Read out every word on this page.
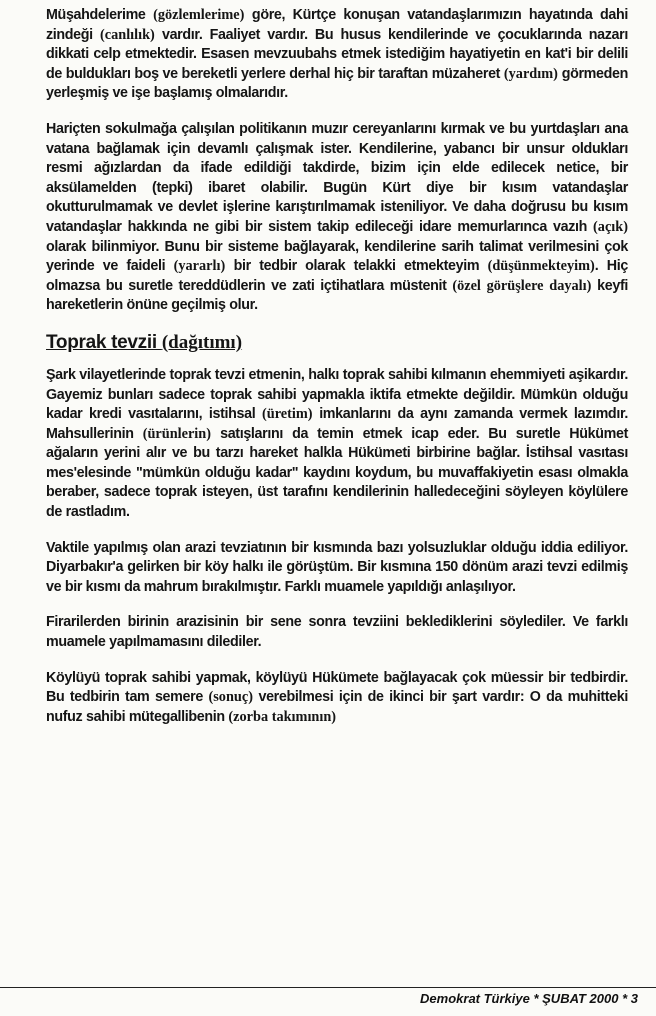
Müşahdelerime (gözlemlerime) göre, Kürtçe konuşan vatandaşlarımızın hayatında dahi zindeği (canlılık) vardır. Faaliyet vardır. Bu husus kendilerinde ve çocuklarında nazarı dikkati celp etmektedir. Esasen mevzuubahs etmek istediğim hayatiyetin en kat'i bir delili de buldukları boş ve bereketli yerlere derhal hiç bir taraftan müzaheret (yardım) görmeden yerleşmiş ve işe başlamış olmalarıdır.

Hariçten sokulmağa çalışılan politikanın muzır cereyanlarını kırmak ve bu yurtdaşları ana vatana bağlamak için devamlı çalışmak ister. Kendilerine, yabancı bir unsur oldukları resmi ağızlardan da ifade edildiği takdirde, bizim için elde edilecek netice, bir aksülamelden (tepki) ibaret olabilir. Bugün Kürt diye bir kısım vatandaşlar okutturulmamak ve devlet işlerine karıştırılmamak isteniliyor. Ve daha doğrusu bu kısım vatandaşlar hakkında ne gibi bir sistem takip edileceği idare memurlarınca vazıh (açık) olarak bilinmiyor. Bunu bir sisteme bağlayarak, kendilerine sarih talimat verilmesini çok yerinde ve faideli (yararlı) bir tedbir olarak telakki etmekteyim (düşünmekteyim). Hiç olmazsa bu suretle tereddüdlerin ve zati içtihatlara müstenit (özel görüşlere dayalı) keyfi hareketlerin önüne geçilmiş olur.

Toprak tevzii (dağıtımı)

Şark vilayetlerinde toprak tevzi etmenin, halkı toprak sahibi kılmanın ehemmiyeti aşikardır. Gayemiz bunları sadece toprak sahibi yapmakla iktifa etmekte değildir. Mümkün olduğu kadar kredi vasıtalarını, istihsal (üretim) imkanlarını da aynı zamanda vermek lazımdır. Mahsullerinin (ürünlerin) satışlarını da temin etmek icap eder. Bu suretle Hükümet ağaların yerini alır ve bu tarzı hareket halkla Hükümeti birbirine bağlar. İstihsal vasıtası mes'elesinde "mümkün olduğu kadar" kaydını koydum, bu muvaffakiyetin esası olmakla beraber, sadece toprak isteyen, üst tarafını kendilerinin halledeceğini söyleyen köylülere de rastladım.

Vaktile yapılmış olan arazi tevziatının bir kısmında bazı yolsuzluklar olduğu iddia ediliyor. Diyarbakır'a gelirken bir köy halkı ile görüştüm. Bir kısmına 150 dönüm arazi tevzi edilmiş ve bir kısmı da mahrum bırakılmıştır. Farklı muamele yapıldığı anlaşılıyor.

Firarilerden birinin arazisinin bir sene sonra tevziini beklediklerini söylediler. Ve farklı muamele yapılmamasını dilediler.

Köylüyü toprak sahibi yapmak, köylüyü Hükümete bağlayacak çok müessir bir tedbirdir. Bu tedbirin tam semere (sonuç) verebilmesi için de ikinci bir şart vardır: O da muhitteki nufuz sahibi mütegallibenin (zorba takımının)

Demokrat Türkiye * ŞUBAT 2000 * 3
